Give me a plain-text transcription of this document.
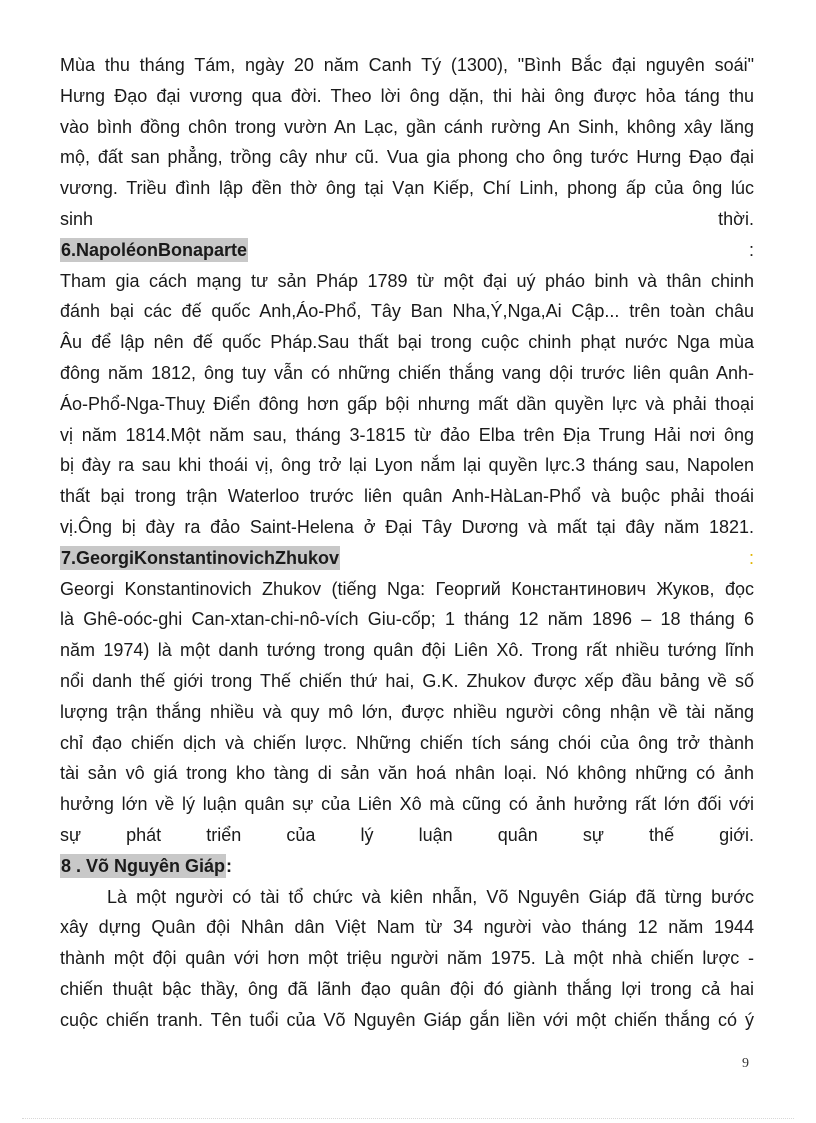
Mùa thu tháng Tám, ngày 20 năm Canh Tý (1300), "Bình Bắc đại nguyên soái"
Hưng Đạo đại vương qua đời. Theo lời ông dặn, thi hài ông được hỏa táng thu
vào bình đồng chôn trong vườn An Lạc, gần cánh rường An Sinh, không xây lăng
mộ, đất san phẳng, trồng cây như cũ. Vua gia phong cho ông tước Hưng Đạo đại
vương. Triều đình lập đền thờ ông tại Vạn Kiếp, Chí Linh, phong ấp của ông lúc
sinh	thời.
6.NapoléonBonaparte	:
Tham gia cách mạng tư sản Pháp 1789 từ một đại uý pháo binh và thân chinh
đánh bại các đế quốc Anh,Áo-Phổ, Tây Ban Nha,Ý,Nga,Ai Cập... trên toàn châu
Âu để lập nên đế quốc Pháp.Sau thất bại trong cuộc chinh phạt nước Nga mùa
đông năm 1812, ông tuy vẫn có những chiến thắng vang dội trước liên quân Anh-
Áo-Phổ-Nga-Thuỵ Điển đông hơn gấp bội nhưng mất dần quyền lực và phải thoại
vị năm 1814.Một năm sau, tháng 3-1815 từ đảo Elba trên Địa Trung Hải nơi ông
bị đày ra sau khi thoái vị, ông trở lại Lyon nắm lại quyền lực.3 tháng sau, Napolen
thất bại trong trận Waterloo trước liên quân Anh-HàLan-Phổ và buộc phải thoái
vị.Ông bị đày ra đảo Saint-Helena ở Đại Tây Dương và mất tại đây năm 1821.
7.GeorgiKonstantinovichZhukov	:
Georgi Konstantinovich Zhukov (tiếng Nga: Георгий Константинович Жуков, đọc
là Ghê-oóc-ghi Can-xtan-chi-nô-vích Giu-cốp; 1 tháng 12 năm 1896 – 18 tháng 6
năm 1974) là một danh tướng trong quân đội Liên Xô. Trong rất nhiều tướng lĩnh
nổi danh thế giới trong Thế chiến thứ hai, G.K. Zhukov được xếp đầu bảng về số
lượng trận thắng nhiều và quy mô lớn, được nhiều người công nhận về tài năng
chỉ đạo chiến dịch và chiến lược. Những chiến tích sáng chói của ông trở thành
tài sản vô giá trong kho tàng di sản văn hoá nhân loại. Nó không những có ảnh
hưởng lớn về lý luận quân sự của Liên Xô mà cũng có ảnh hưởng rất lớn đối với
sự phát triển của lý luận quân sự thế giới.
8 . Võ Nguyên Giáp:
Là một người có tài tổ chức và kiên nhẫn, Võ Nguyên Giáp đã từng bước
xây dựng Quân đội Nhân dân Việt Nam từ 34 người vào tháng 12 năm 1944
thành một đội quân với hơn một triệu người năm 1975. Là một nhà chiến lược -
chiến thuật bậc thầy, ông đã lãnh đạo quân đội đó giành thắng lợi trong cả hai
cuộc chiến tranh. Tên tuổi của Võ Nguyên Giáp gắn liền với một chiến thắng có ý
9
